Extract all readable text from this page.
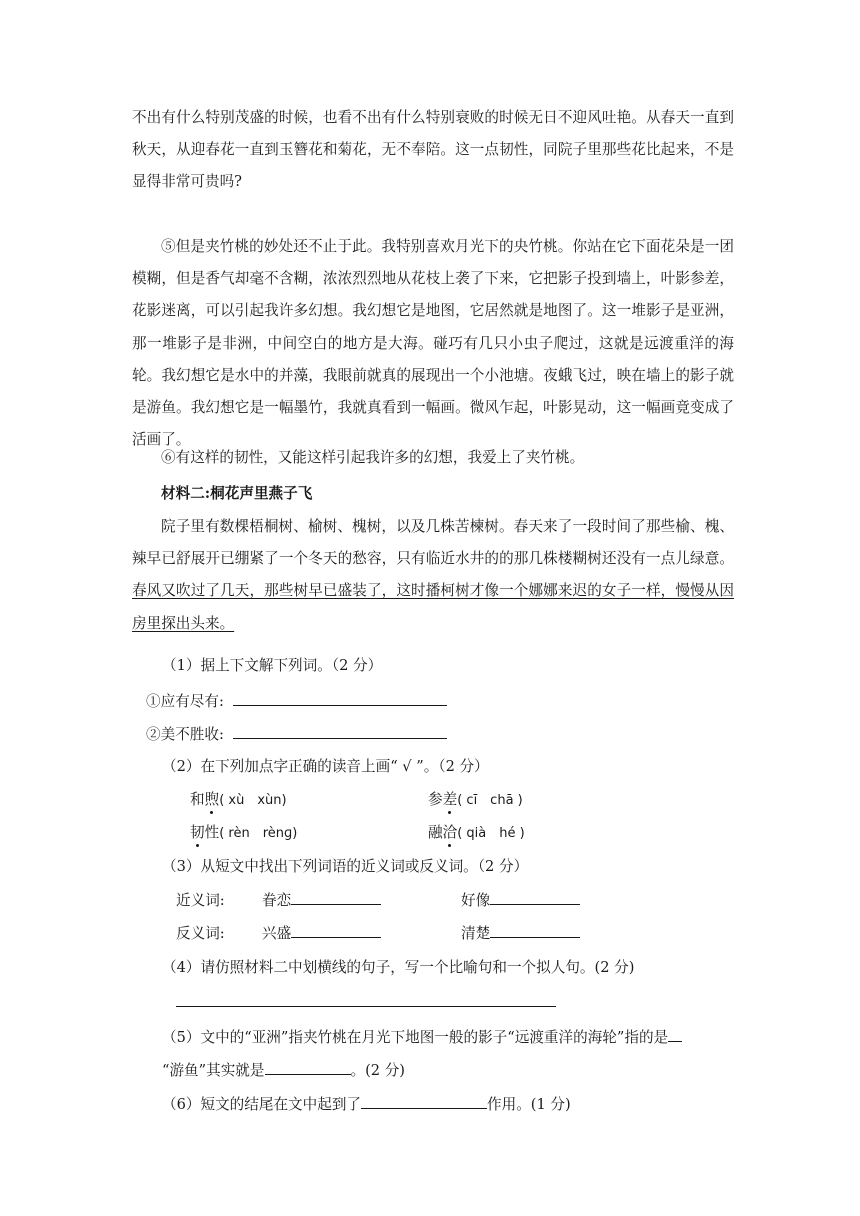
不出有什么特别茂盛的时候，也看不出有什么特别衰败的时候无日不迎风吐艳。从春天一直到秋天，从迎春花一直到玉簪花和菊花，无不奉陪。这一点韧性，同院子里那些花比起来，不是显得非常可贵吗?

⑤但是夹竹桃的妙处还不止于此。我特别喜欢月光下的央竹桃。你站在它下面花朵是一团模糊，但是香气却毫不含糊，浓浓烈烈地从花枝上袭了下来，它把影子投到墙上，叶影参差，花影迷离，可以引起我许多幻想。我幻想它是地图，它居然就是地图了。这一堆影子是亚洲，那一堆影子是非洲，中间空白的地方是大海。碰巧有几只小虫子爬过，这就是远渡重洋的海轮。我幻想它是水中的并藻，我眼前就真的展现出一个小池塘。夜蛾飞过，映在墙上的影子就是游鱼。我幻想它是一幅墨竹，我就真看到一幅画。微风乍起，叶影晃动，这一幅画竟变成了活画了。

⑥有这样的韧性，又能这样引起我许多的幻想，我爱上了夹竹桃。

材料二:桐花声里燕子飞

院子里有数棵梧桐树、榆树、槐树，以及几株苦楝树。春天来了一段时间了那些榆、槐、辣早已舒展开已绷紧了一个冬天的愁容，只有临近水井的的那几株楼糊树还没有一点儿绿意。春风又吹过了几天，那些树早已盛装了，这时播柯树才像一个娜娜来迟的女子一样，慢慢从因房里探出头来。

（1）据上下文解下列词。（2 分）
①应有尽有:
②美不胜收:
（2）在下列加点字正确的读音上画“ √ ”。（2 分）
和煦( xù　xùn)	参差( cī　chā )
韧性( rèn　rènɡ)	融洽( qià　hé )
（3）从短文中找出下列词语的近义词或反义词。（2 分）
近义词:	眷恋	好像
反义词:	兴盛	清楚
（4）请仿照材料二中划横线的句子，写一个比喻句和一个拟人句。(2 分)
（5）文中的“亚洲”指夹竹桃在月光下地图一般的影子“远渡重洋的海轮”指的是
“游鱼”其实就是	。(2 分)
（6）短文的结尾在文中起到了	作用。(1 分)
